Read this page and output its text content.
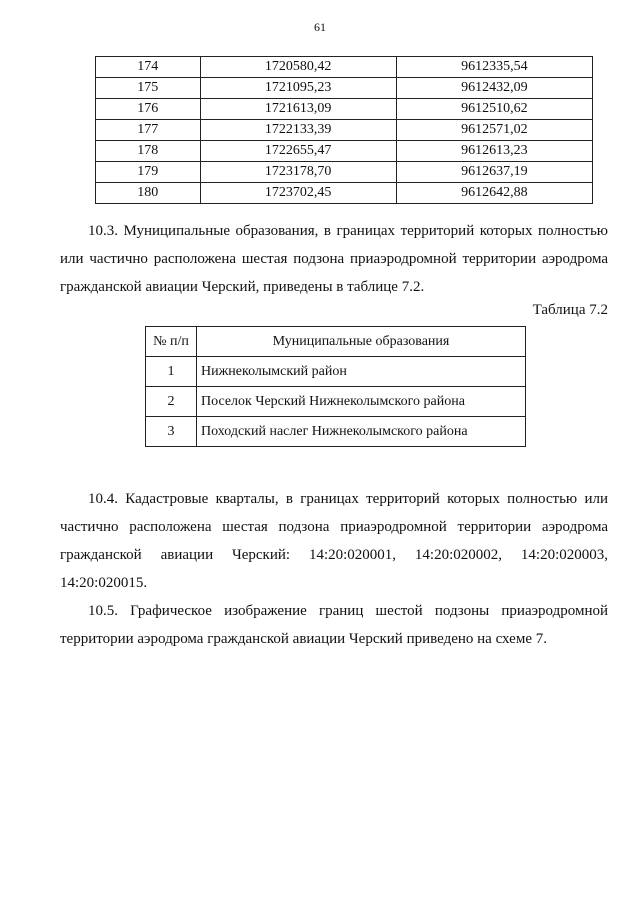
61
174	1720580,42	9612335,54
175	1721095,23	9612432,09
176	1721613,09	9612510,62
177	1722133,39	9612571,02
178	1722655,47	9612613,23
179	1723178,70	9612637,19
180	1723702,45	9612642,88

10.3. Муниципальные образования, в границах территорий которых полностью или частично расположена шестая подзона приаэродромной территории аэродрома гражданской авиации Черский, приведены в таблице 7.2.

Таблица 7.2
№ п/п	Муниципальные образования
1	Нижнеколымский район
2	Поселок Черский Нижнеколымского района
3	Походский наслег Нижнеколымского района

10.4. Кадастровые кварталы, в границах территорий которых полностью или частично расположена шестая подзона приаэродромной территории аэродрома гражданской авиации Черский: 14:20:020001, 14:20:020002, 14:20:020003, 14:20:020015.

10.5. Графическое изображение границ шестой подзоны приаэродромной территории аэродрома гражданской авиации Черский приведено на схеме 7.
